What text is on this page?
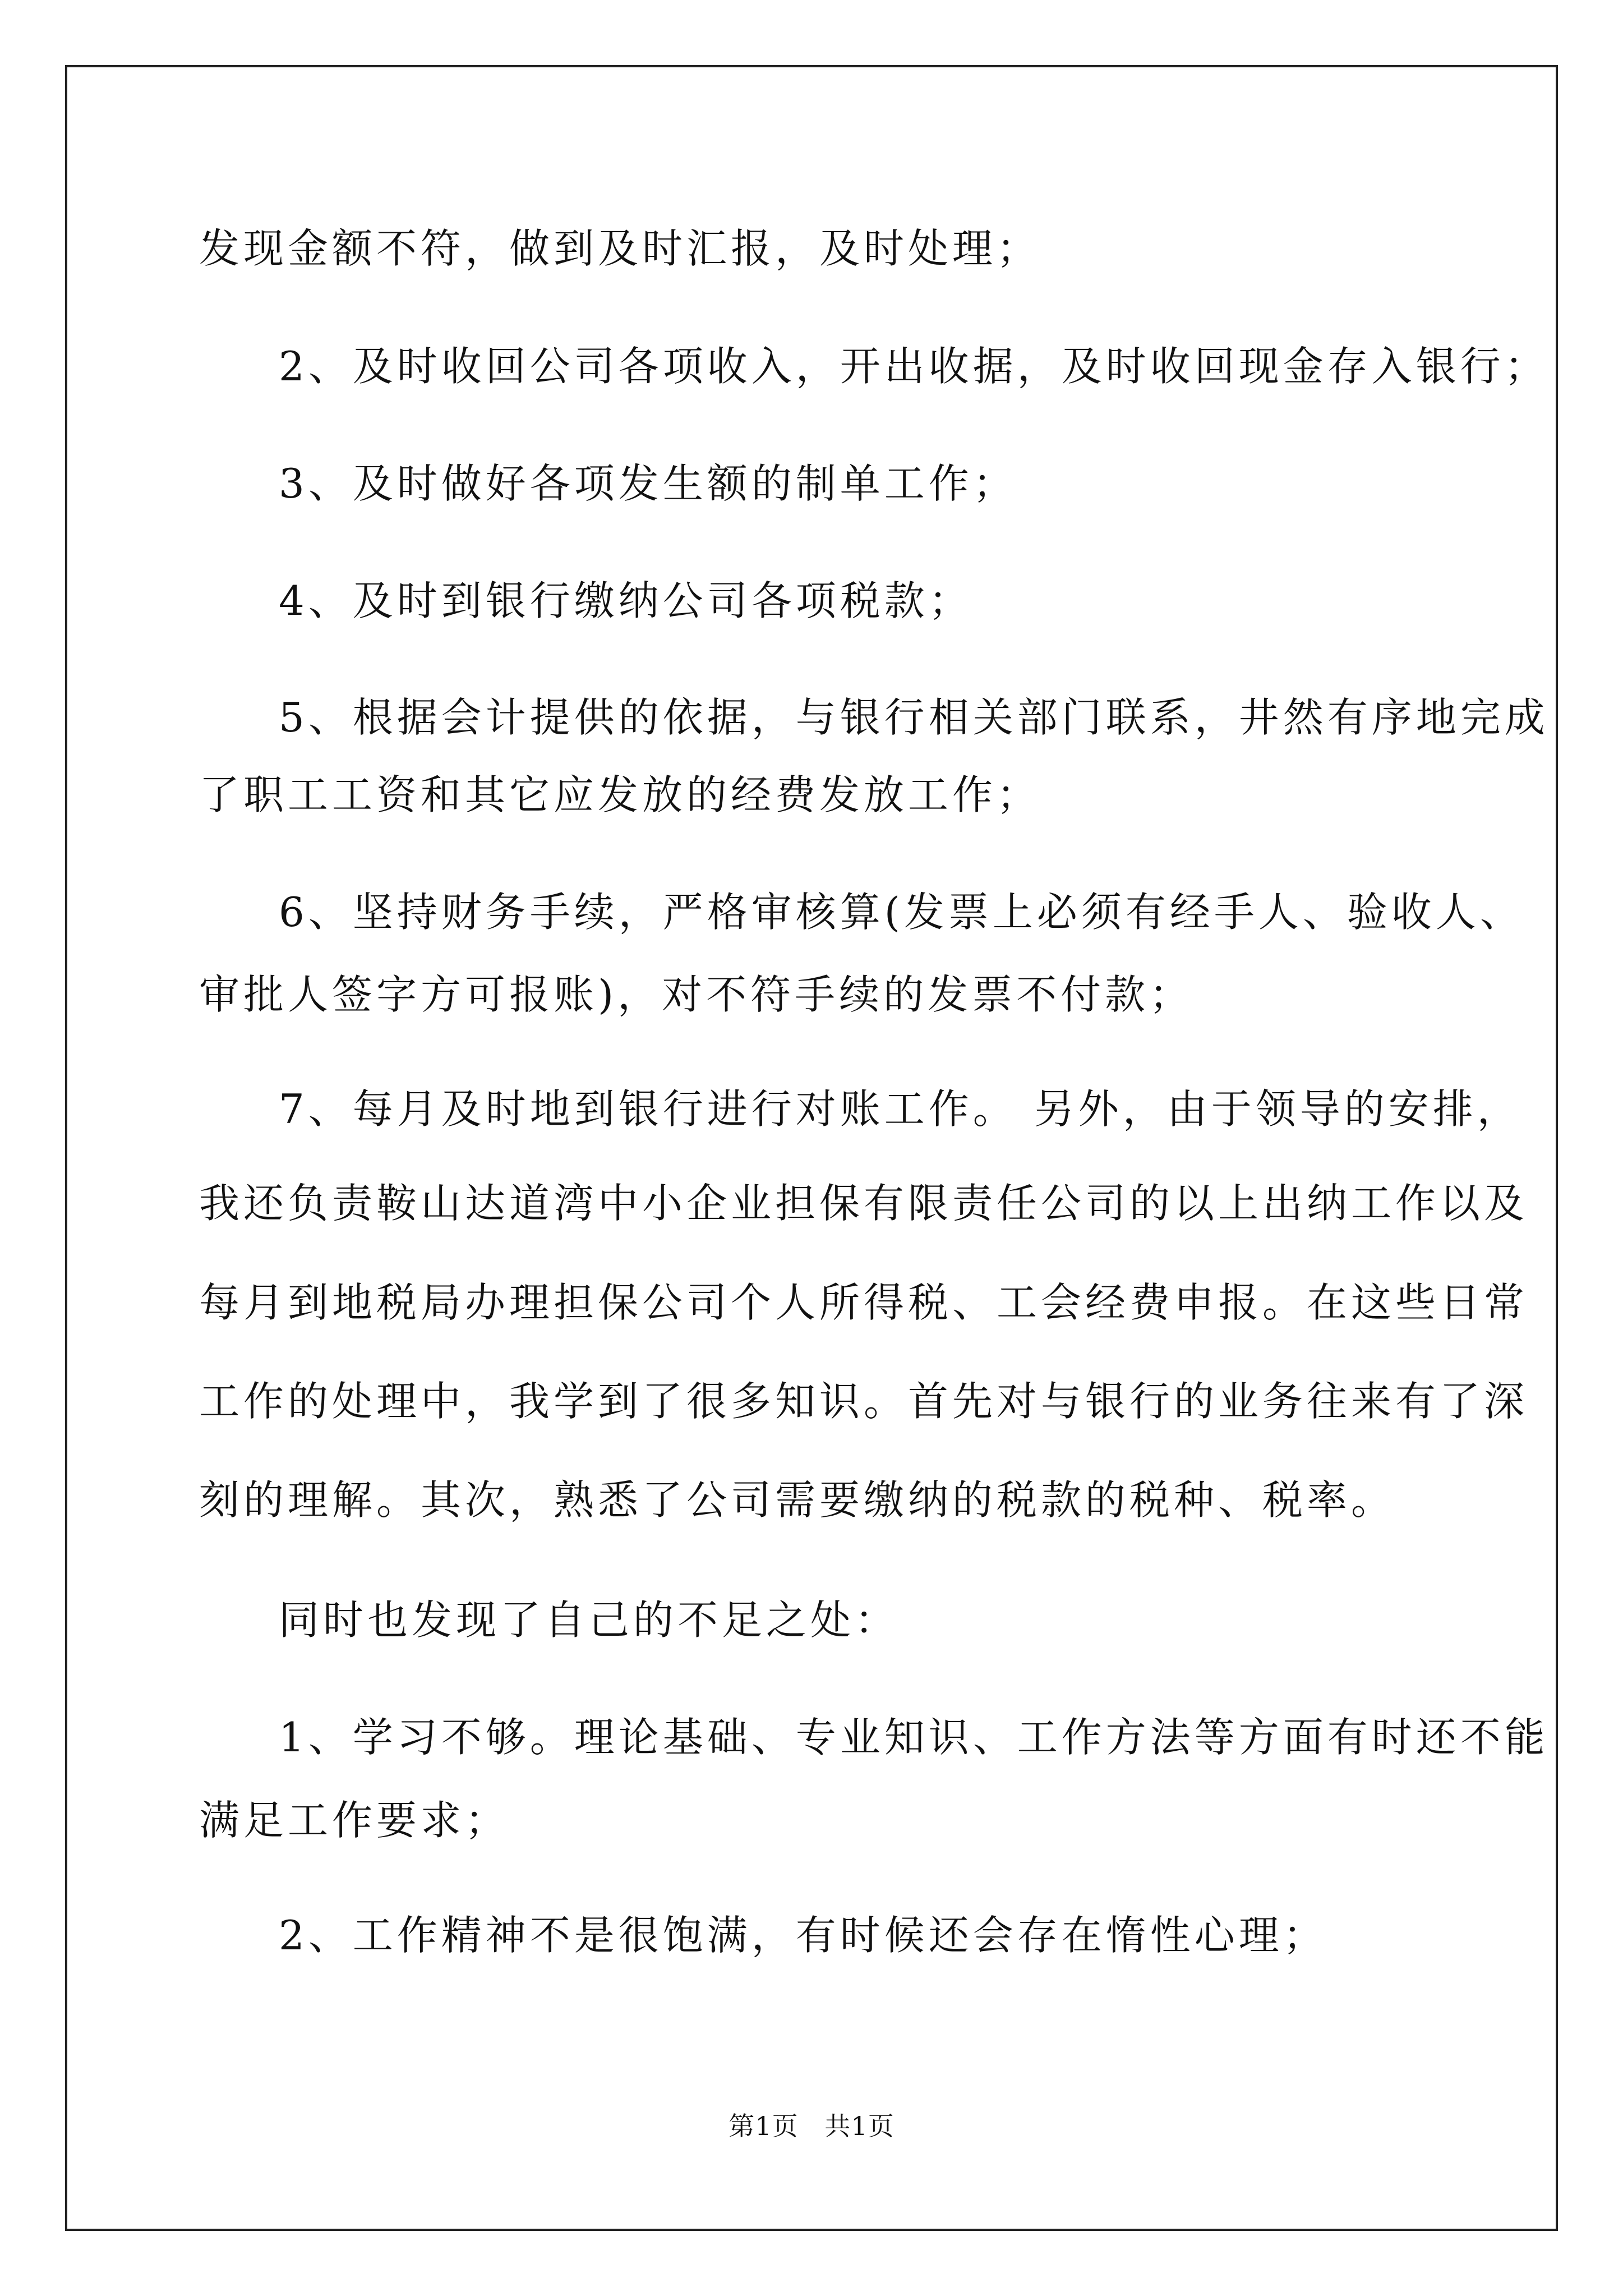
发现金额不符，做到及时汇报，及时处理；
2、及时收回公司各项收入，开出收据，及时收回现金存入银行；
3、及时做好各项发生额的制单工作；
4、及时到银行缴纳公司各项税款；
5、根据会计提供的依据，与银行相关部门联系，井然有序地完成
了职工工资和其它应发放的经费发放工作；
6、坚持财务手续，严格审核算(发票上必须有经手人、验收人、
审批人签字方可报账)，对不符手续的发票不付款；
7、每月及时地到银行进行对账工作。 另外，由于领导的安排，
我还负责鞍山达道湾中小企业担保有限责任公司的以上出纳工作以及
每月到地税局办理担保公司个人所得税、工会经费申报。在这些日常
工作的处理中，我学到了很多知识。首先对与银行的业务往来有了深
刻的理解。其次，熟悉了公司需要缴纳的税款的税种、税率。
同时也发现了自己的不足之处：
1、学习不够。理论基础、专业知识、工作方法等方面有时还不能
满足工作要求；
2、工作精神不是很饱满，有时候还会存在惰性心理；
第1页   共1页
